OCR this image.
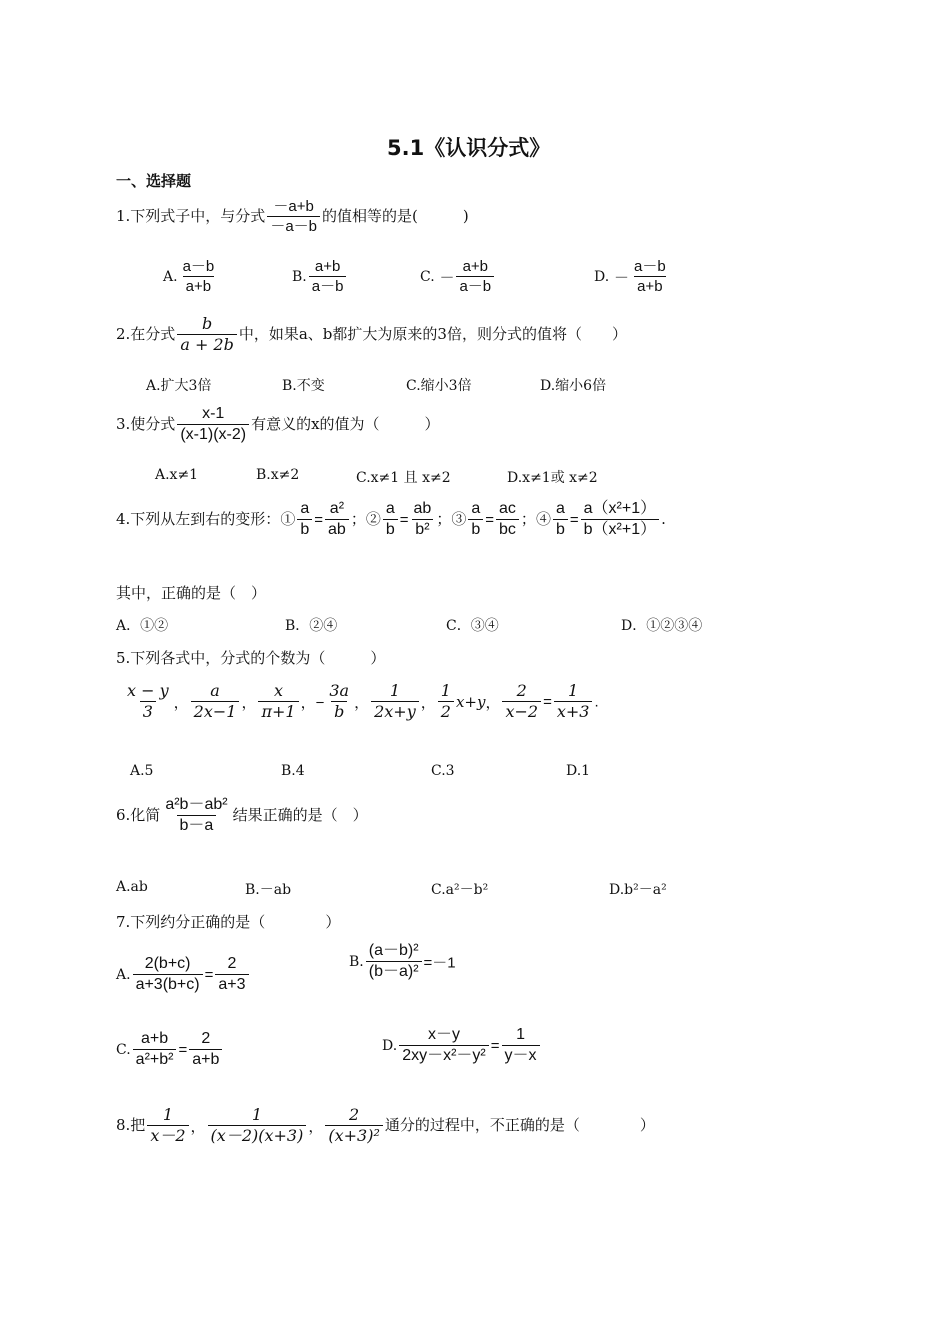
5.1《认识分式》
一、选择题
1.下列式子中，与分式 $\frac{-a+b}{-a-b}$ 的值相等的是(　　　)
A. $\frac{a-b}{a+b}$	B. $\frac{a+b}{a-b}$	C. － $\frac{a+b}{a-b}$	D. － $\frac{a-b}{a+b}$
2.在分式 $\frac{b}{a + 2b}$ 中，如果a、b都扩大为原来的3倍，则分式的值将（　　）
A.扩大3倍	B.不变	C.缩小3倍	D.缩小6倍
3.使分式 $\frac{x-1}{(x-1)(x-2)}$ 有意义的x的值为（　　　）
A.x≠1	B.x≠2	C.x≠1 且 x≠2	D.x≠1或 x≠2
4.下列从左到右的变形：① $\frac{a}{b} = \frac{\text{a²}}{ab}$ ；② $\frac{a}{b} = \frac{ab}{\text{b²}}$ ；③ $\frac{a}{b} = \frac{ac}{bc}$ ；④ $\frac{a}{b} = \frac{\text{a（x²+1）}}{\text{b（x²+1）}}$ .
其中，正确的是（　）
A．①②	B．②④	C．③④	D．①②③④
5.下列各式中，分式的个数为（　　　）
$\frac{x - y}{3}$ ， $\frac{a}{2x-1}$ ， $\frac{x}{\pi+1}$ ，− $\frac{3a}{b}$ ， $\frac{1}{2x+y}$ ， $\frac{1}{2} x+y$， $\frac{2}{x-2} = \frac{1}{x+3}$ .
A.5	B.4	C.3	D.1
6.化简 $\frac{\text{a²b－ab²}}{b-a}$ 结果正确的是（　）
A.ab	B.－ab	C.a²－b²	D.b²－a²
7.下列约分正确的是（　　　　）
A. $\frac{2(b+c)}{a+3(b+c)} = \frac{2}{a+3}$	B. $\frac{\text{(a－b)²}}{\text{(b－a)²}} =-1$
C. $\frac{a+b}{\text{a²+b²}} = \frac{2}{a+b}$	D. $\frac{x-y}{\text{2xy－x²－y²}} = \frac{1}{y-x}$
8.把 $\frac{1}{x-2}$ ， $\frac{1}{(x-2)(x+3)}$ ， $\frac{2}{\text{(x+3)²}}$ 通分的过程中，不正确的是（　　　　）
